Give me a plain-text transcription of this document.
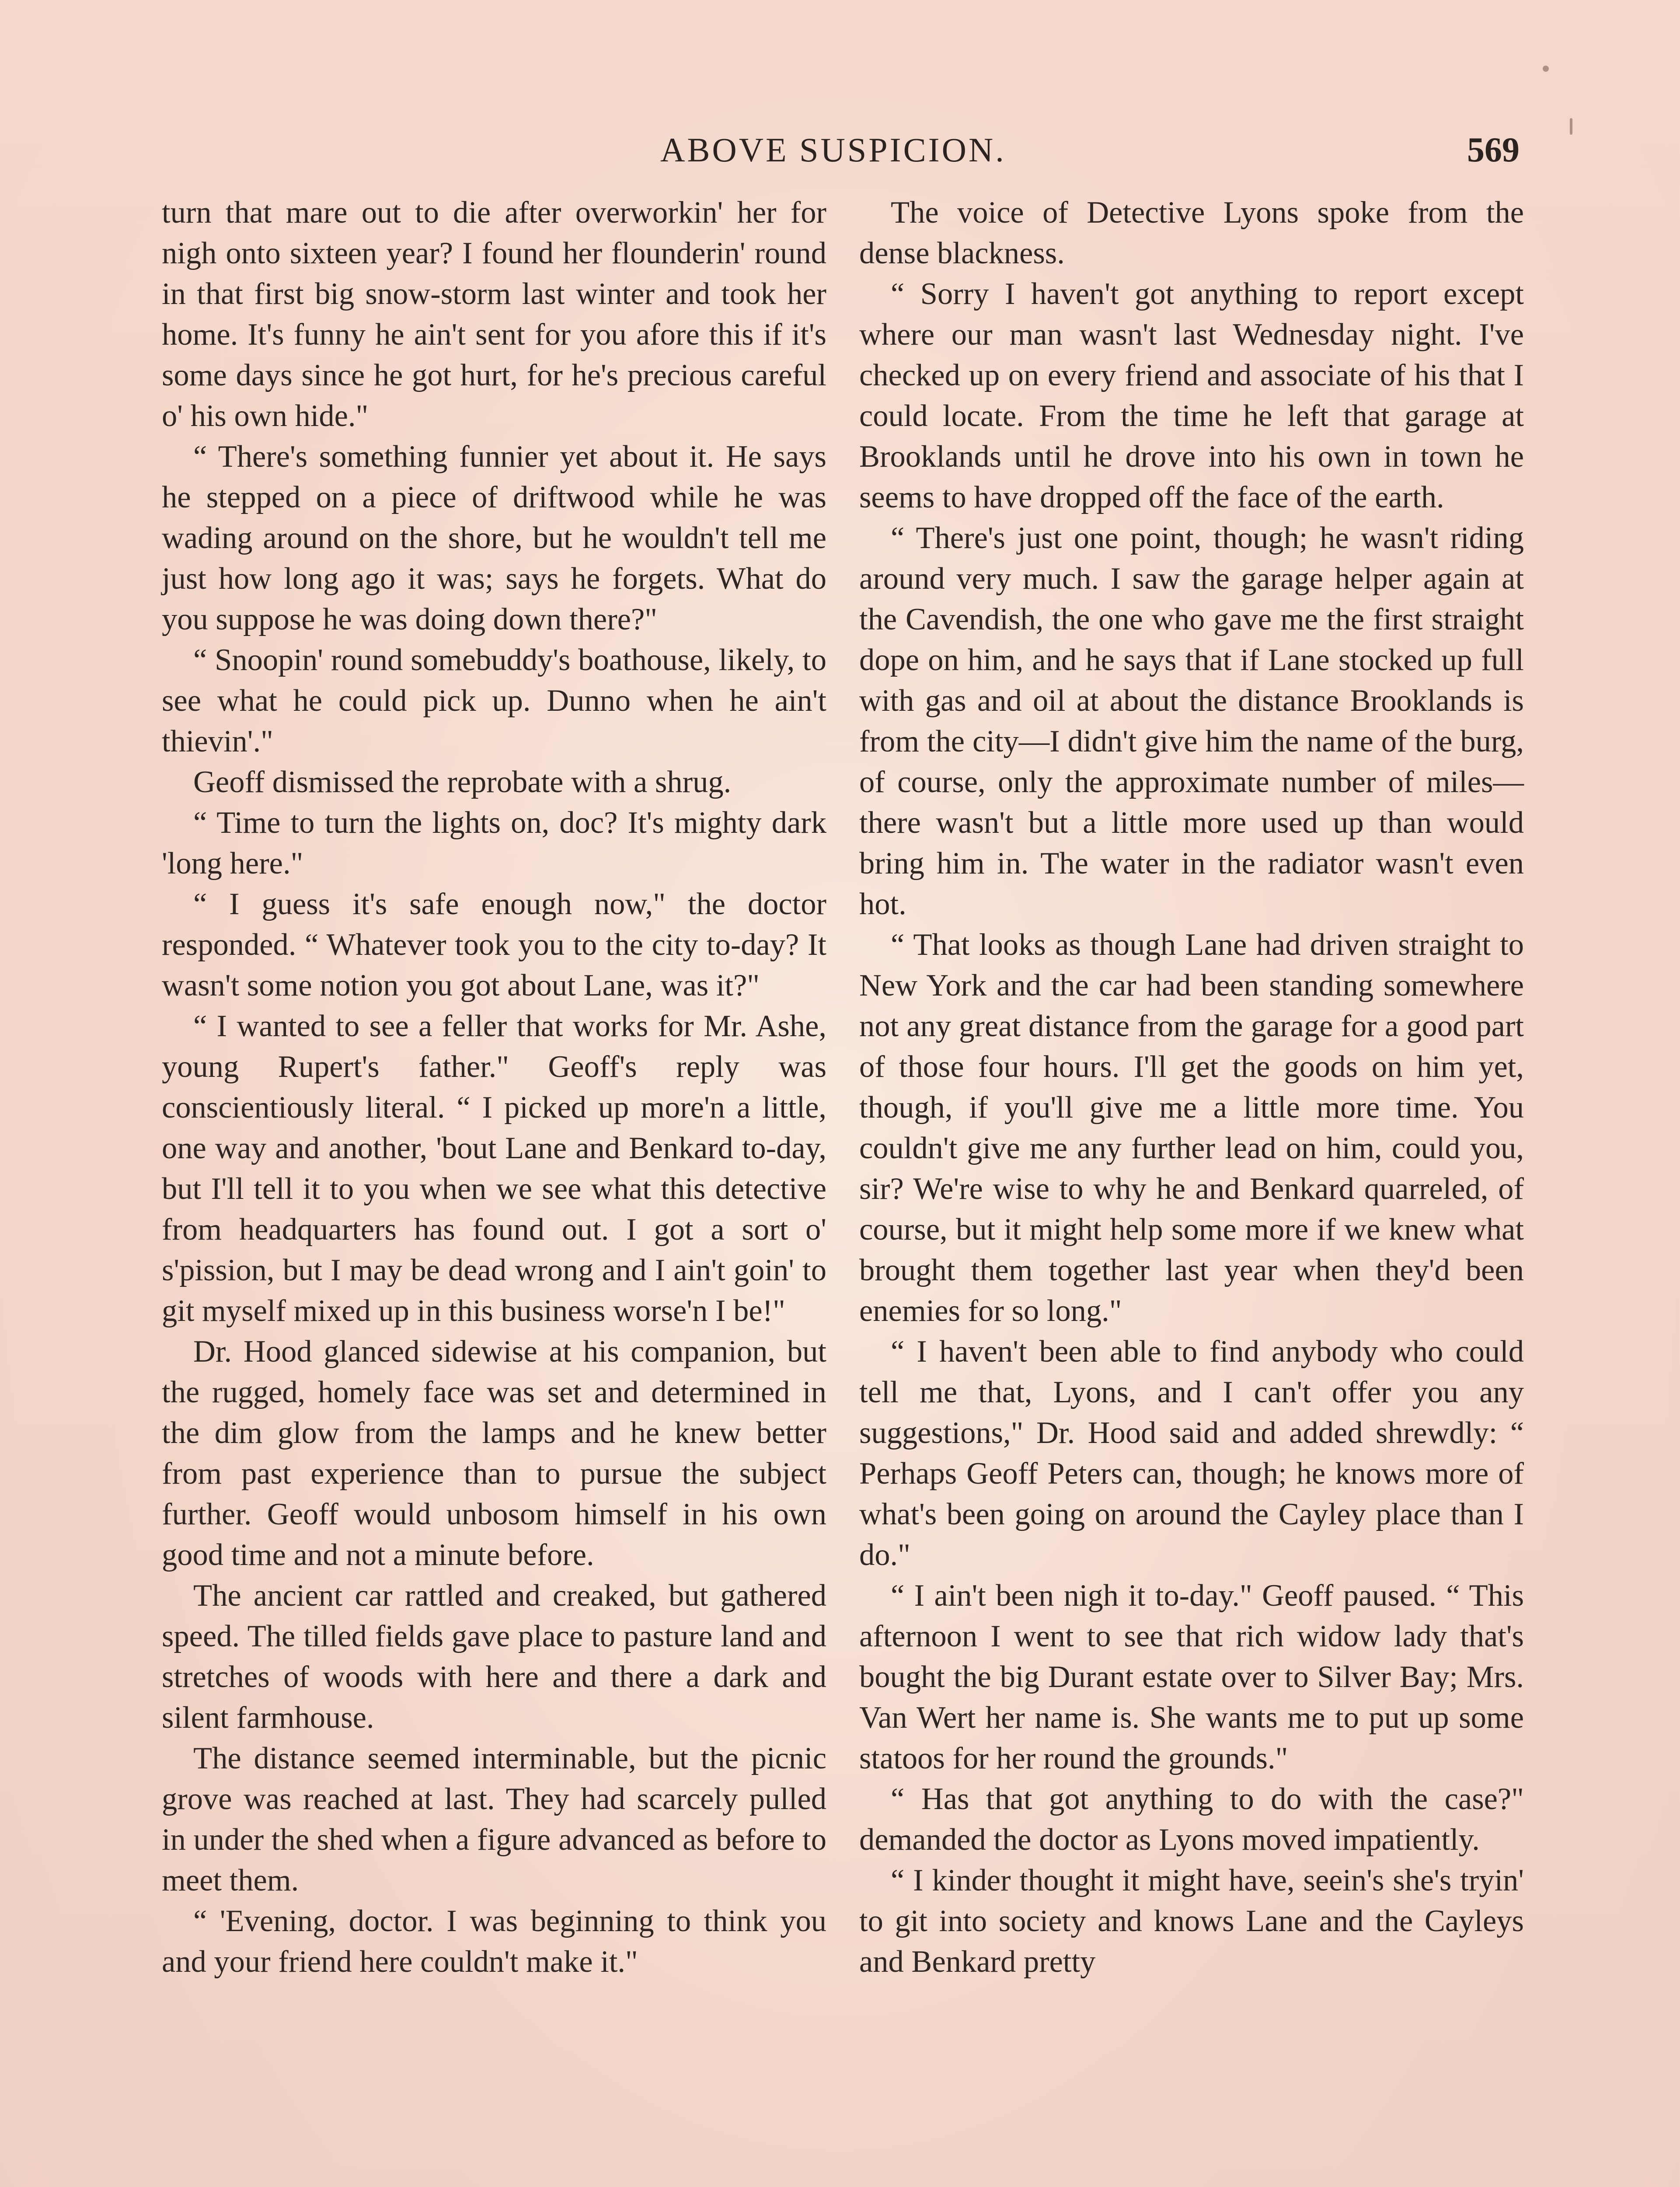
ABOVE SUSPICION.	569

turn that mare out to die after overworkin' her for nigh onto sixteen year? I found her flounderin' round in that first big snow-storm last winter and took her home. It's funny he ain't sent for you afore this if it's some days since he got hurt, for he's precious careful o' his own hide."

“ There's something funnier yet about it. He says he stepped on a piece of driftwood while he was wading around on the shore, but he wouldn't tell me just how long ago it was; says he forgets. What do you suppose he was doing down there?"

“ Snoopin' round somebuddy's boathouse, likely, to see what he could pick up. Dunno when he ain't thievin'."

Geoff dismissed the reprobate with a shrug.

“ Time to turn the lights on, doc? It's mighty dark 'long here."

“ I guess it's safe enough now," the doctor responded. “ Whatever took you to the city to-day? It wasn't some notion you got about Lane, was it?"

“ I wanted to see a feller that works for Mr. Ashe, young Rupert's father." Geoff's reply was conscientiously literal. “ I picked up more'n a little, one way and another, 'bout Lane and Benkard to-day, but I'll tell it to you when we see what this detective from headquarters has found out. I got a sort o' s'pission, but I may be dead wrong and I ain't goin' to git myself mixed up in this business worse'n I be!"

Dr. Hood glanced sidewise at his companion, but the rugged, homely face was set and determined in the dim glow from the lamps and he knew better from past experience than to pursue the subject further. Geoff would unbosom himself in his own good time and not a minute before.

The ancient car rattled and creaked, but gathered speed. The tilled fields gave place to pasture land and stretches of woods with here and there a dark and silent farmhouse.

The distance seemed interminable, but the picnic grove was reached at last. They had scarcely pulled in under the shed when a figure advanced as before to meet them.

“ 'Evening, doctor. I was beginning to think you and your friend here couldn't make it."

The voice of Detective Lyons spoke from the dense blackness.

“ Sorry I haven't got anything to report except where our man wasn't last Wednesday night. I've checked up on every friend and associate of his that I could locate. From the time he left that garage at Brooklands until he drove into his own in town he seems to have dropped off the face of the earth.

“ There's just one point, though; he wasn't riding around very much. I saw the garage helper again at the Cavendish, the one who gave me the first straight dope on him, and he says that if Lane stocked up full with gas and oil at about the distance Brooklands is from the city—I didn't give him the name of the burg, of course, only the approximate number of miles—there wasn't but a little more used up than would bring him in. The water in the radiator wasn't even hot.

“ That looks as though Lane had driven straight to New York and the car had been standing somewhere not any great distance from the garage for a good part of those four hours. I'll get the goods on him yet, though, if you'll give me a little more time. You couldn't give me any further lead on him, could you, sir? We're wise to why he and Benkard quarreled, of course, but it might help some more if we knew what brought them together last year when they'd been enemies for so long."

“ I haven't been able to find anybody who could tell me that, Lyons, and I can't offer you any suggestions," Dr. Hood said and added shrewdly: “ Perhaps Geoff Peters can, though; he knows more of what's been going on around the Cayley place than I do."

“ I ain't been nigh it to-day." Geoff paused. “ This afternoon I went to see that rich widow lady that's bought the big Durant estate over to Silver Bay; Mrs. Van Wert her name is. She wants me to put up some statoos for her round the grounds."

“ Has that got anything to do with the case?" demanded the doctor as Lyons moved impatiently.

“ I kinder thought it might have, seein's she's tryin' to git into society and knows Lane and the Cayleys and Benkard pretty
